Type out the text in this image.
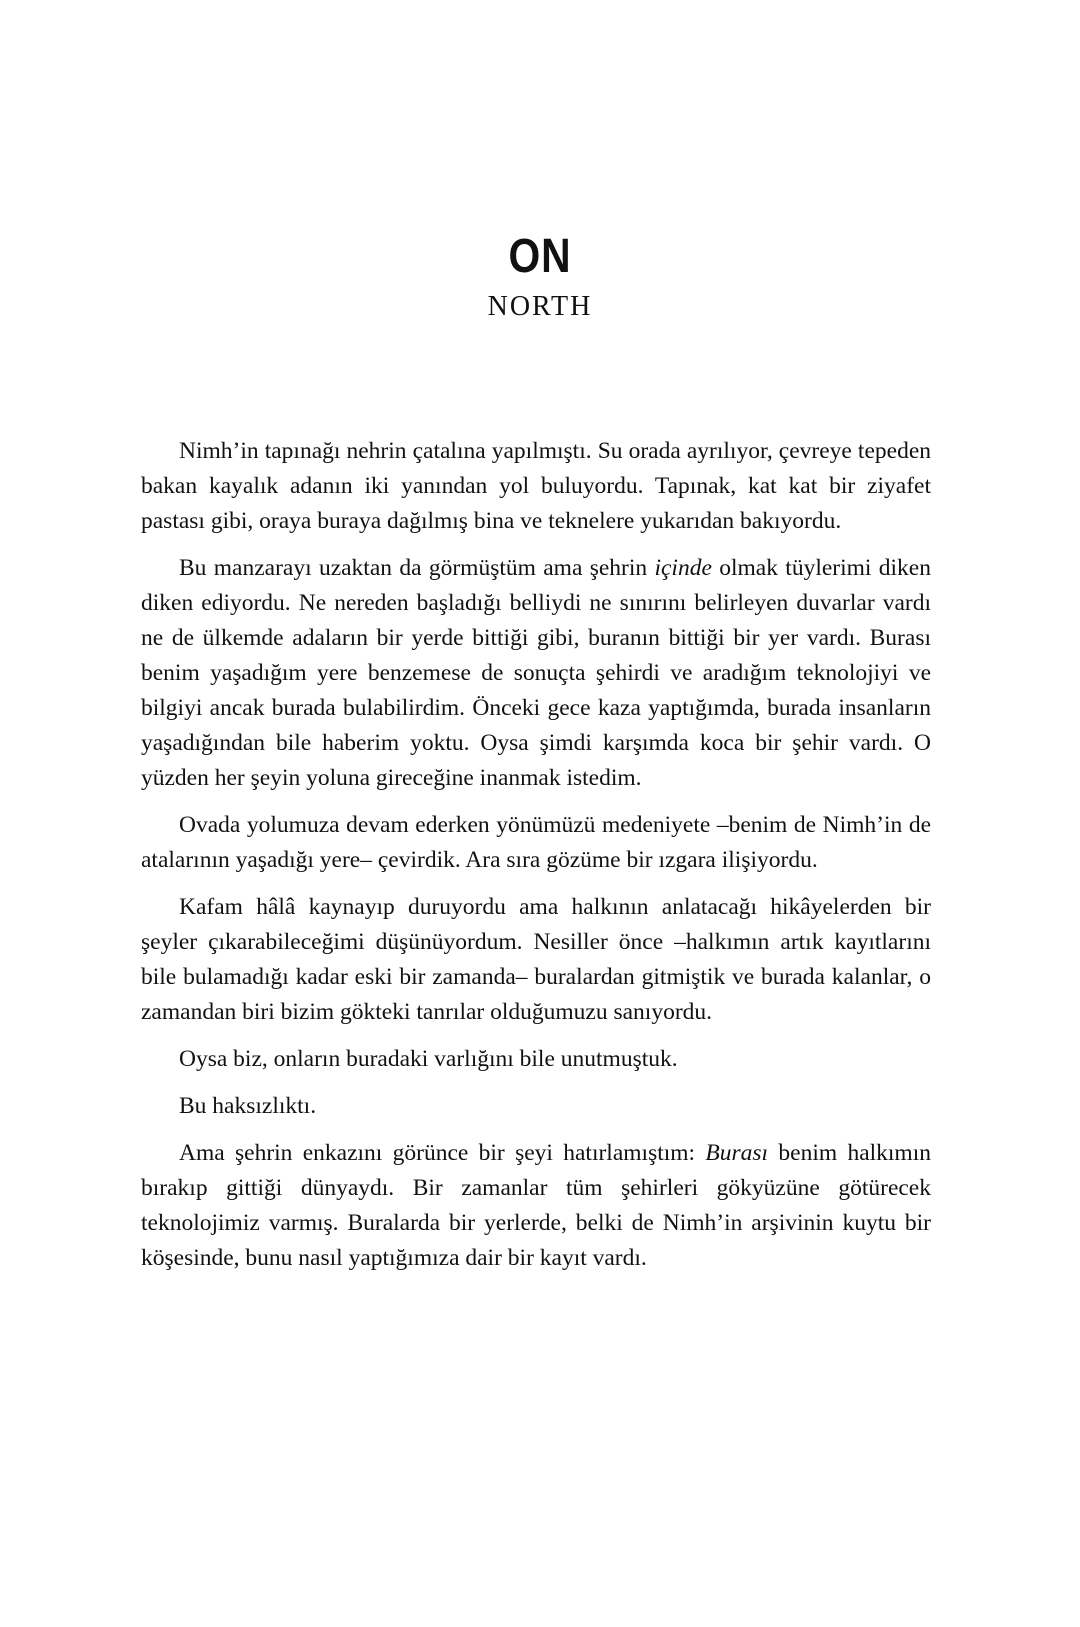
ON
NORTH

Nimh’in tapınağı nehrin çatalına yapılmıştı. Su orada ayrılıyor, çevreye tepeden bakan kayalık adanın iki yanından yol buluyordu. Tapınak, kat kat bir ziyafet pastası gibi, oraya buraya dağılmış bina ve teknelere yukarıdan bakıyordu.

Bu manzarayı uzaktan da görmüştüm ama şehrin içinde olmak tüylerimi diken diken ediyordu. Ne nereden başladığı belliydi ne sınırını belirleyen duvarlar vardı ne de ülkemde adaların bir yerde bittiği gibi, buranın bittiği bir yer vardı. Burası benim yaşadığım yere benzemese de sonuçta şehirdi ve aradığım teknolojiyi ve bilgiyi ancak burada bulabilirdim. Önceki gece kaza yaptığımda, burada insanların yaşadığından bile haberim yoktu. Oysa şimdi karşımda koca bir şehir vardı. O yüzden her şeyin yoluna gireceğine inanmak istedim.

Ovada yolumuza devam ederken yönümüzü medeniyete –benim de Nimh’in de atalarının yaşadığı yere– çevirdik. Ara sıra gözüme bir ızgara ilişiyordu.

Kafam hâlâ kaynayıp duruyordu ama halkının anlatacağı hikâyelerden bir şeyler çıkarabileceğimi düşünüyordum. Nesiller önce –halkımın artık kayıtlarını bile bulamadığı kadar eski bir zamanda– buralardan gitmiştik ve burada kalanlar, o zamandan biri bizim gökteki tanrılar olduğumuzu sanıyordu.

Oysa biz, onların buradaki varlığını bile unutmuştuk.

Bu haksızlıktı.

Ama şehrin enkazını görünce bir şeyi hatırlamıştım: Burası benim halkımın bırakıp gittiği dünyaydı. Bir zamanlar tüm şehirleri gökyüzüne götürecek teknolojimiz varmış. Buralarda bir yerlerde, belki de Nimh’in arşivinin kuytu bir köşesinde, bunu nasıl yaptığımıza dair bir kayıt vardı.
